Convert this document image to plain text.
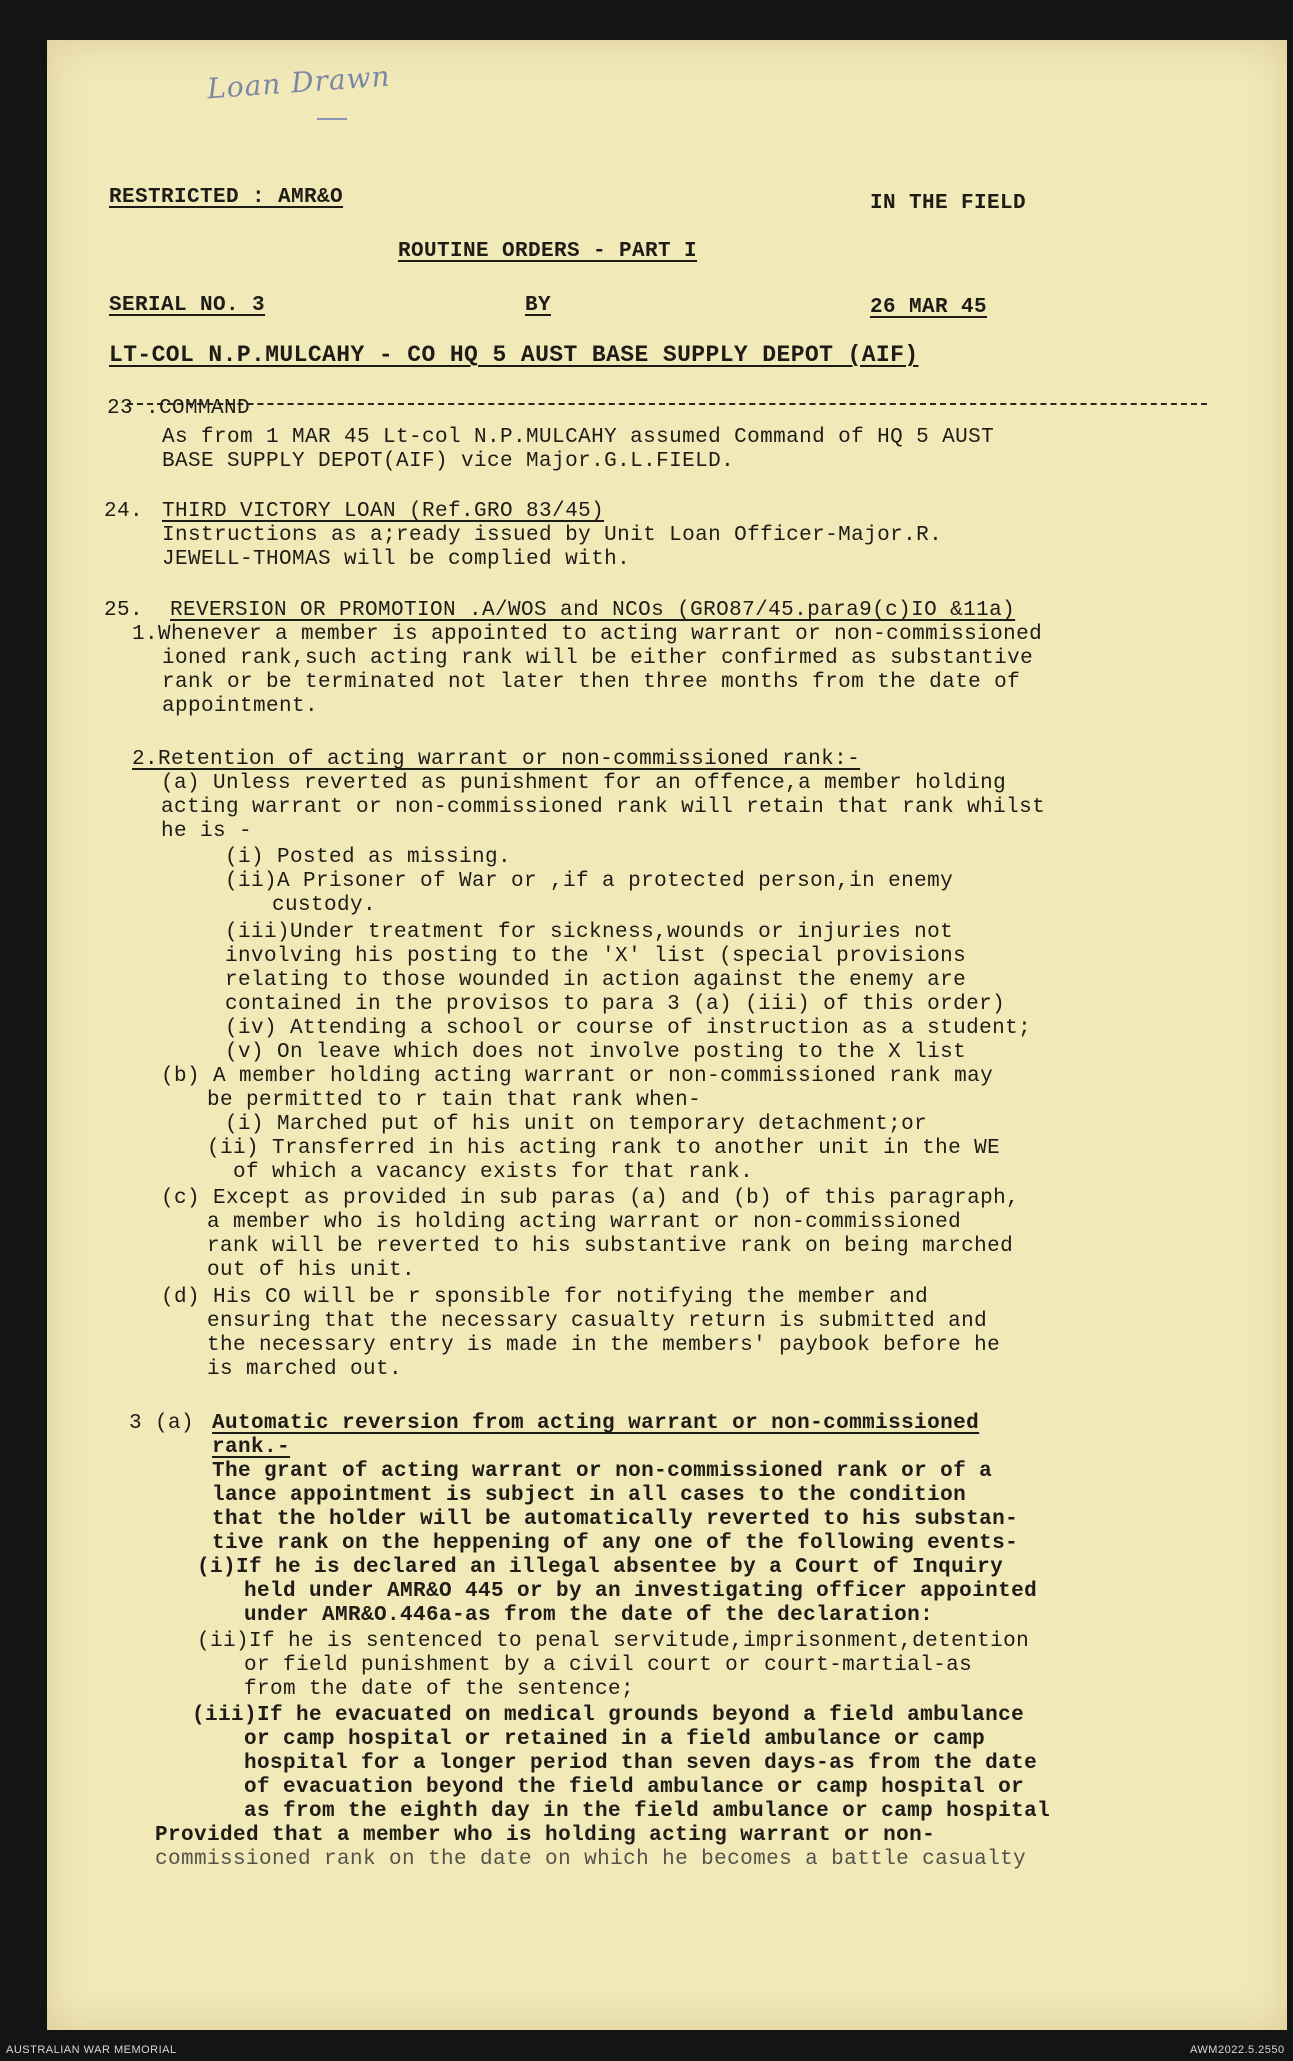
Loan Drawn
RESTRICTED : AMR&O	IN THE FIELD
ROUTINE ORDERS - PART I
SERIAL NO. 3	BY	26 MAR 45
LT-COL N.P.MULCAHY - CO HQ 5 AUST BASE SUPPLY DEPOT (AIF)
23 .COMMAND
As from 1 MAR 45 Lt-col N.P.MULCAHY assumed Command of HQ 5 AUST
BASE SUPPLY DEPOT(AIF) vice Major.G.L.FIELD.
24. THIRD VICTORY LOAN (Ref.GRO 83/45)
Instructions as a;ready issued by Unit Loan Officer-Major.R.
JEWELL-THOMAS will be complied with.
25. REVERSION OR PROMOTION .A/WOS and NCOs (GRO87/45.para9(c)IO &11a)
1.Whenever a member is appointed to acting warrant or non-commissioned
ioned rank,such acting rank will be either confirmed as substantive
rank or be terminated not later then three months from the date of
appointment.
2.Retention of acting warrant or non-commissioned rank:-
(a) Unless reverted as punishment for an offence,a member holding
acting warrant or non-commissioned rank will retain that rank whilst
he is -
(i) Posted as missing.
(ii)A Prisoner of War or ,if a protected person,in enemy
custody.
(iii)Under treatment for sickness,wounds or injuries not
involving his posting to the 'X' list (special provisions
relating to those wounded in action against the enemy are
contained in the provisos to para 3 (a) (iii) of this order)
(iv) Attending a school or course of instruction as a student;
(v) On leave which does not involve posting to the X list
(b) A member holding acting warrant or non-commissioned rank may
be permitted to r tain that rank when-
(i) Marched put of his unit on temporary detachment;or
(ii) Transferred in his acting rank to another unit in the WE
of which a vacancy exists for that rank.
(c) Except as provided in sub paras (a) and (b) of this paragraph,
a member who is holding acting warrant or non-commissioned
rank will be reverted to his substantive rank on being marched
out of his unit.
(d) His CO will be r sponsible for notifying the member and
ensuring that the necessary casualty return is submitted and
the necessary entry is made in the members' paybook before he
is marched out.
3 (a) Automatic reversion from acting warrant or non-commissioned
rank.-
The grant of acting warrant or non-commissioned rank or of a
lance appointment is subject in all cases to the condition
that the holder will be automatically reverted to his substan-
tive rank on the heppening of any one of the following events-
(i)If he is declared an illegal absentee by a Court of Inquiry
held under AMR&O 445 or by an investigating officer appointed
under AMR&O.446a-as from the date of the declaration:
(ii)If he is sentenced to penal servitude,imprisonment,detention
or field punishment by a civil court or court-martial-as
from the date of the sentence;
(iii)If he evacuated on medical grounds beyond a field ambulance
or camp hospital or retained in a field ambulance or camp
hospital for a longer period than seven days-as from the date
of evacuation beyond the field ambulance or camp hospital or
as from the eighth day in the field ambulance or camp hospital
Provided that a member who is holding acting warrant or non-
commissioned rank on the date on which he becomes a battle casualty
AUSTRALIAN WAR MEMORIAL	AWM2022.5.2550
